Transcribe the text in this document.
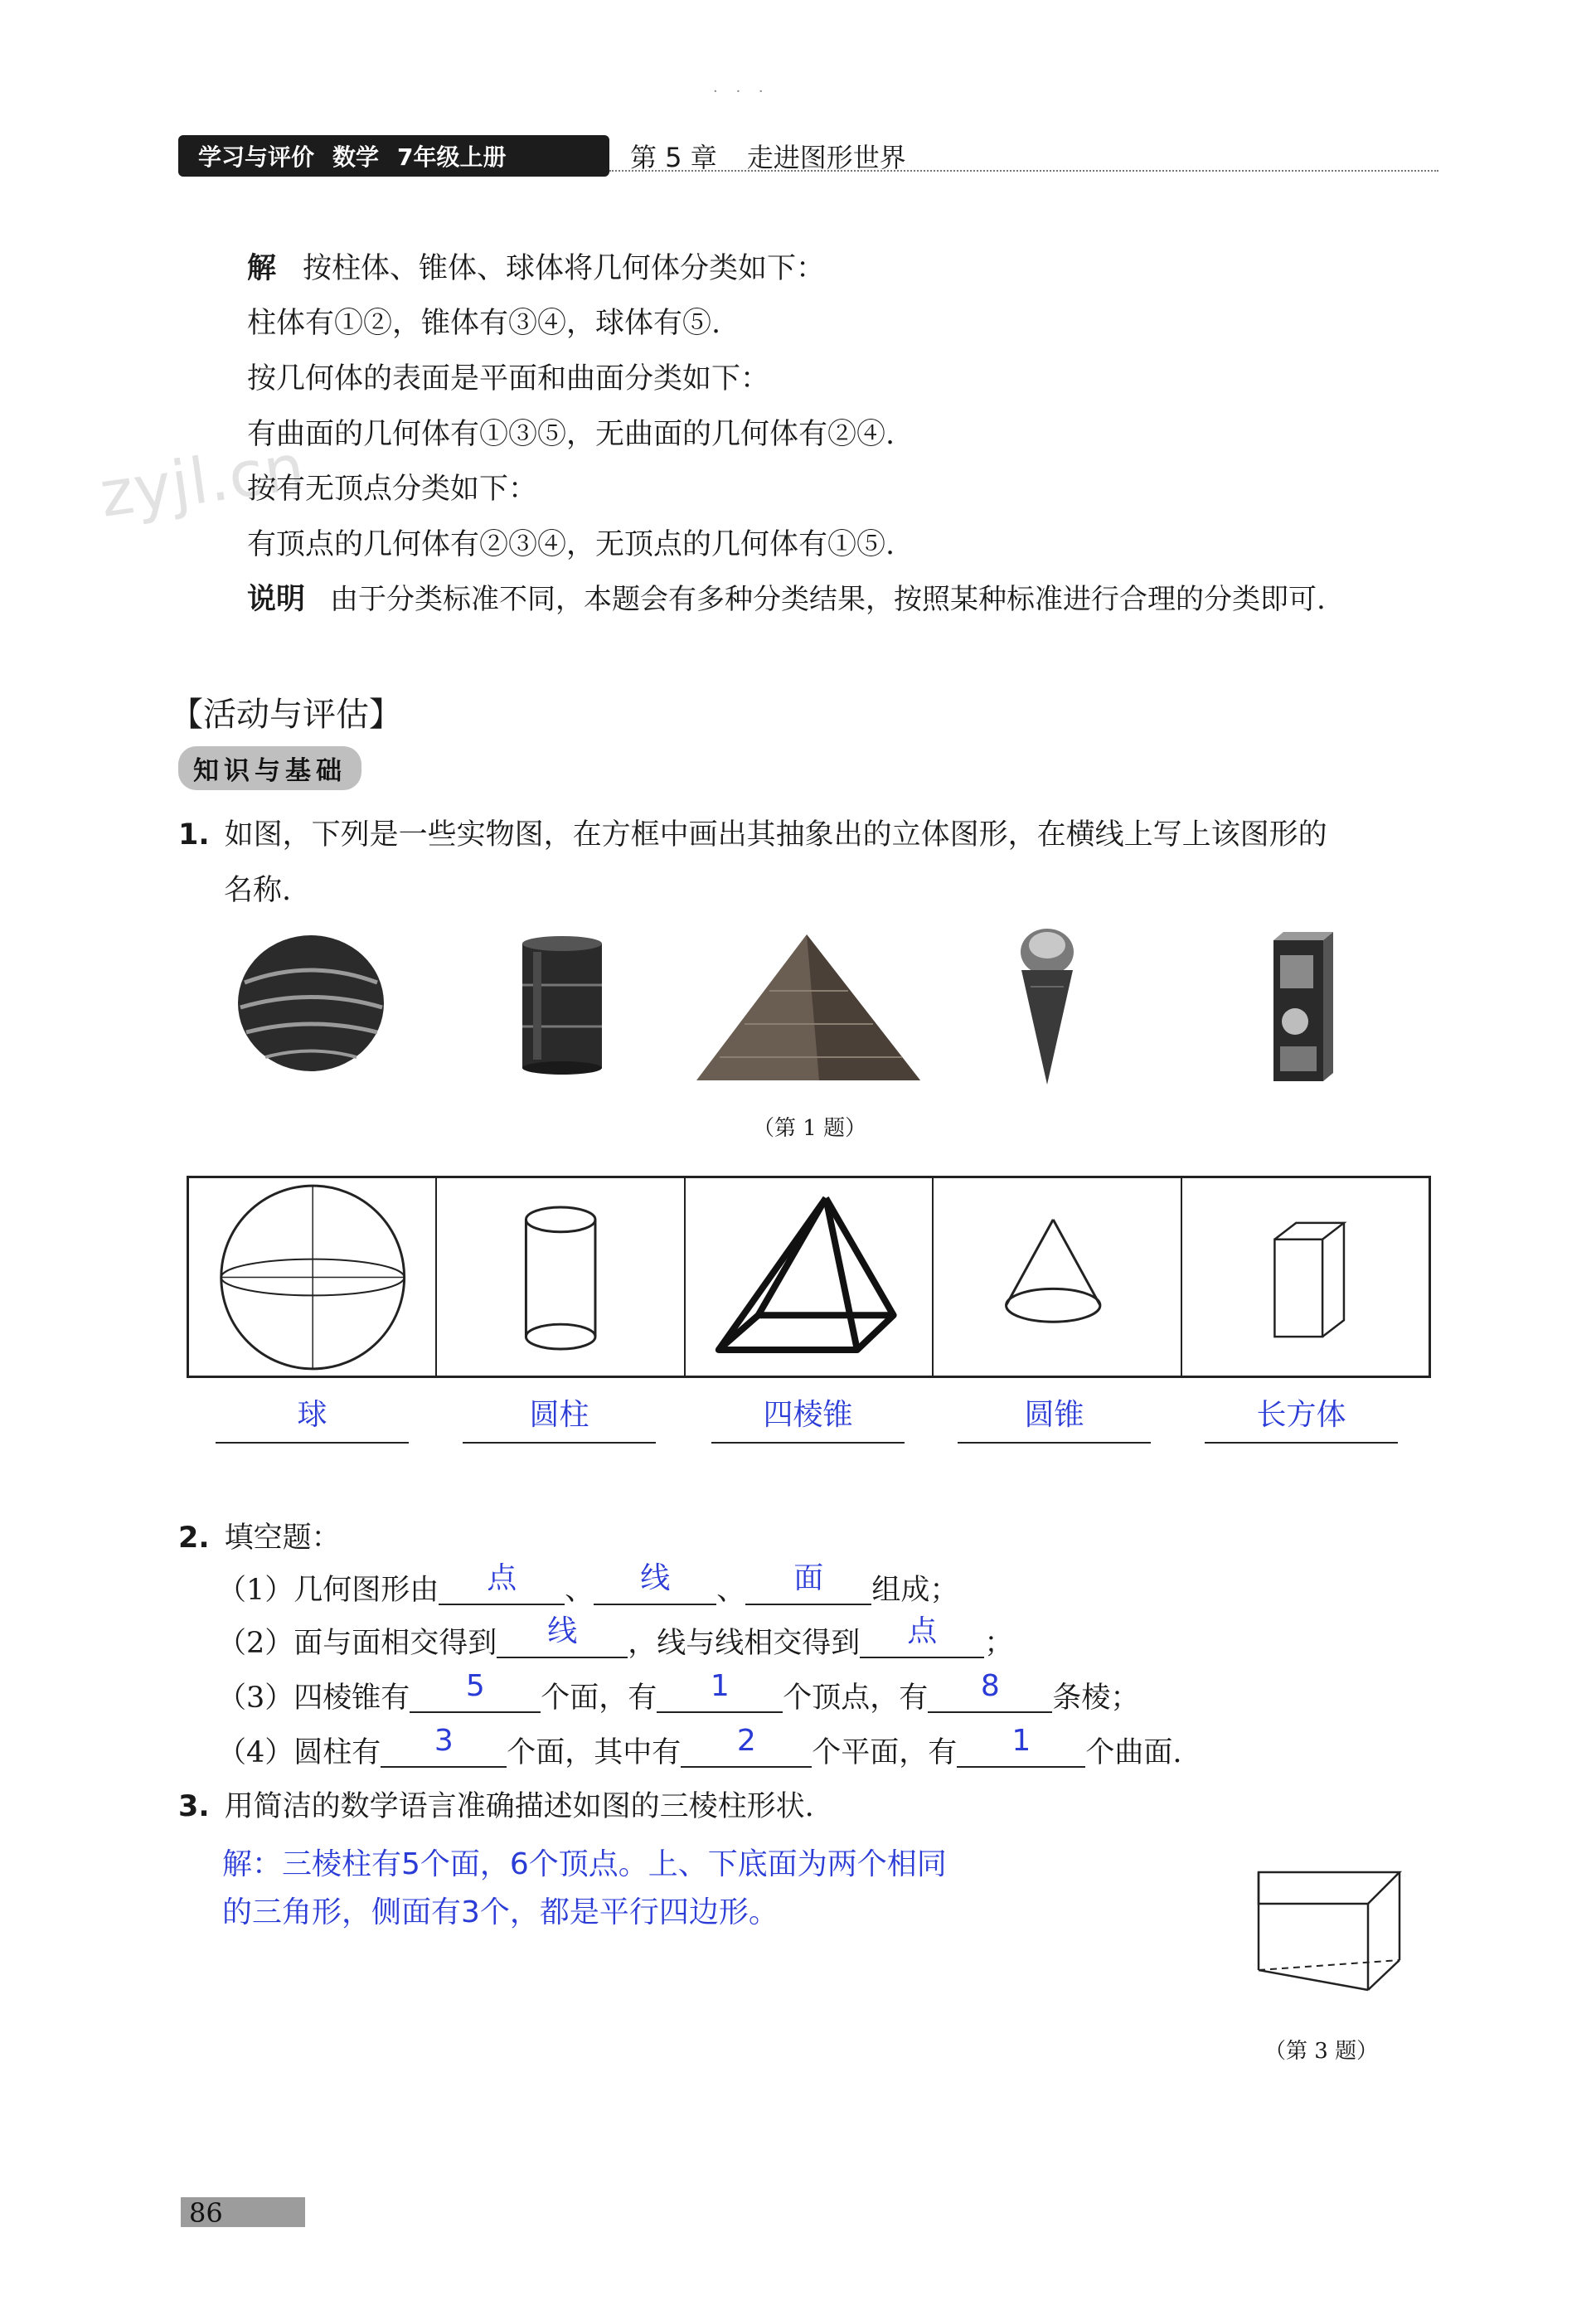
· · ·
学习与评价 数学 7年级上册	第 5 章 走进图形世界
zyjl.cn
解 按柱体、锥体、球体将几何体分类如下：
柱体有①②，锥体有③④，球体有⑤.
按几何体的表面是平面和曲面分类如下：
有曲面的几何体有①③⑤，无曲面的几何体有②④.
按有无顶点分类如下：
有顶点的几何体有②③④，无顶点的几何体有①⑤.
说明 由于分类标准不同，本题会有多种分类结果，按照某种标准进行合理的分类即可.
【活动与评估】
知识与基础
1. 如图，下列是一些实物图，在方框中画出其抽象出的立体图形，在横线上写上该图形的
名称.
（第 1 题）
球	圆柱	四棱锥	圆锥	长方体
2. 填空题：
（1）几何图形由 点 、 线 、 面 组成；
（2）面与面相交得到 线 ，线与线相交得到 点 ；
（3）四棱锥有 5 个面，有 1 个顶点，有 8 条棱；
（4）圆柱有 3 个面，其中有 2 个平面，有 1 个曲面.
3. 用简洁的数学语言准确描述如图的三棱柱形状.
解：三棱柱有5个面，6个顶点。上、下底面为两个相同
的三角形，侧面有3个，都是平行四边形。
（第 3 题）
86
